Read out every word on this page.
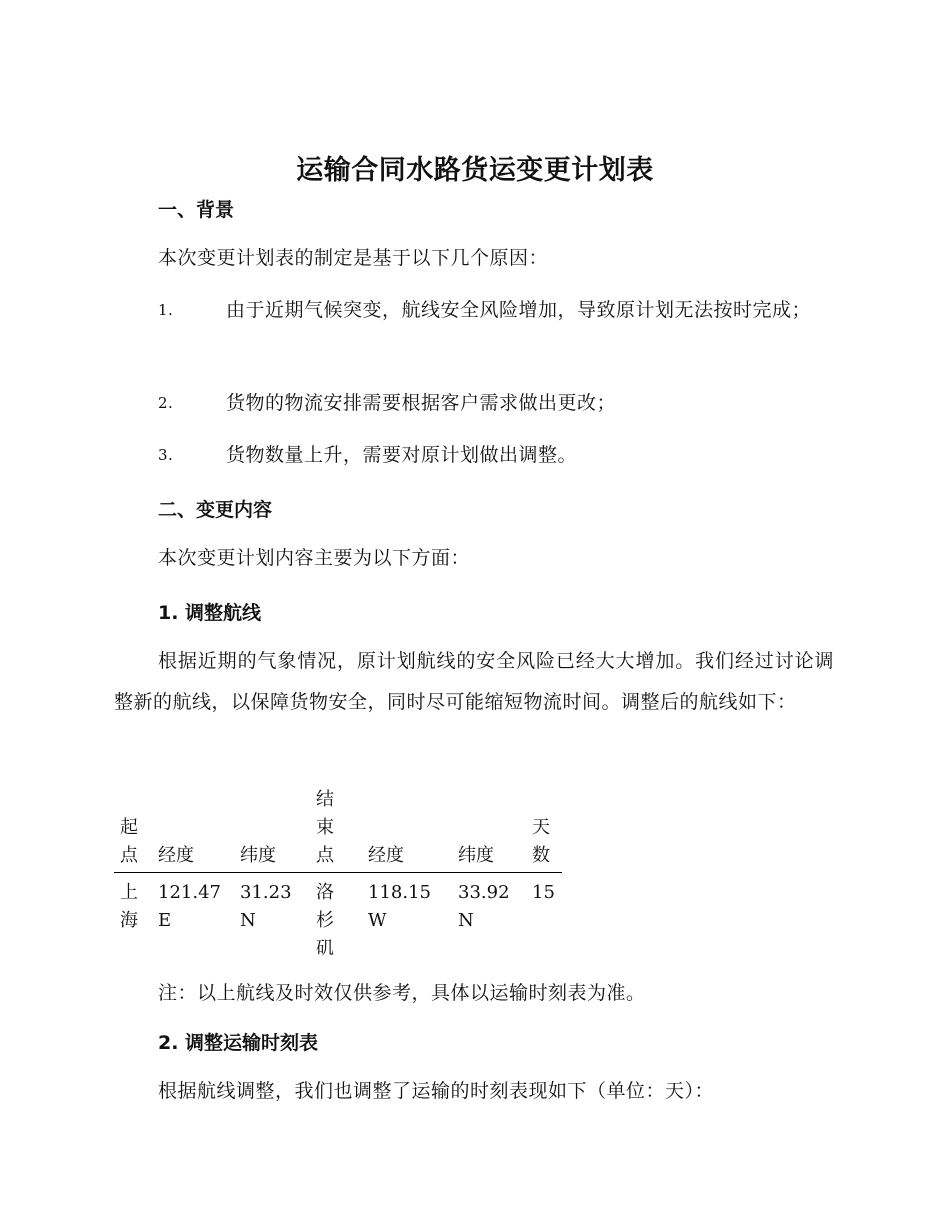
运输合同水路货运变更计划表
一、背景
本次变更计划表的制定是基于以下几个原因：
1.	由于近期气候突变，航线安全风险增加，导致原计划无法按时完成；
2.	货物的物流安排需要根据客户需求做出更改；
3.	货物数量上升，需要对原计划做出调整。
二、变更内容
本次变更计划内容主要为以下方面：
1. 调整航线
根据近期的气象情况，原计划航线的安全风险已经大大增加。我们经过讨论调整新的航线，以保障货物安全，同时尽可能缩短物流时间。调整后的航线如下：
起点	经度	纬度	结束点	经度	纬度	天数

上海	121.47 E	31.23 N	洛杉矶	118.15 W	33.92 N	15
注：以上航线及时效仅供参考，具体以运输时刻表为准。
2. 调整运输时刻表
根据航线调整，我们也调整了运输的时刻表现如下（单位：天）：
